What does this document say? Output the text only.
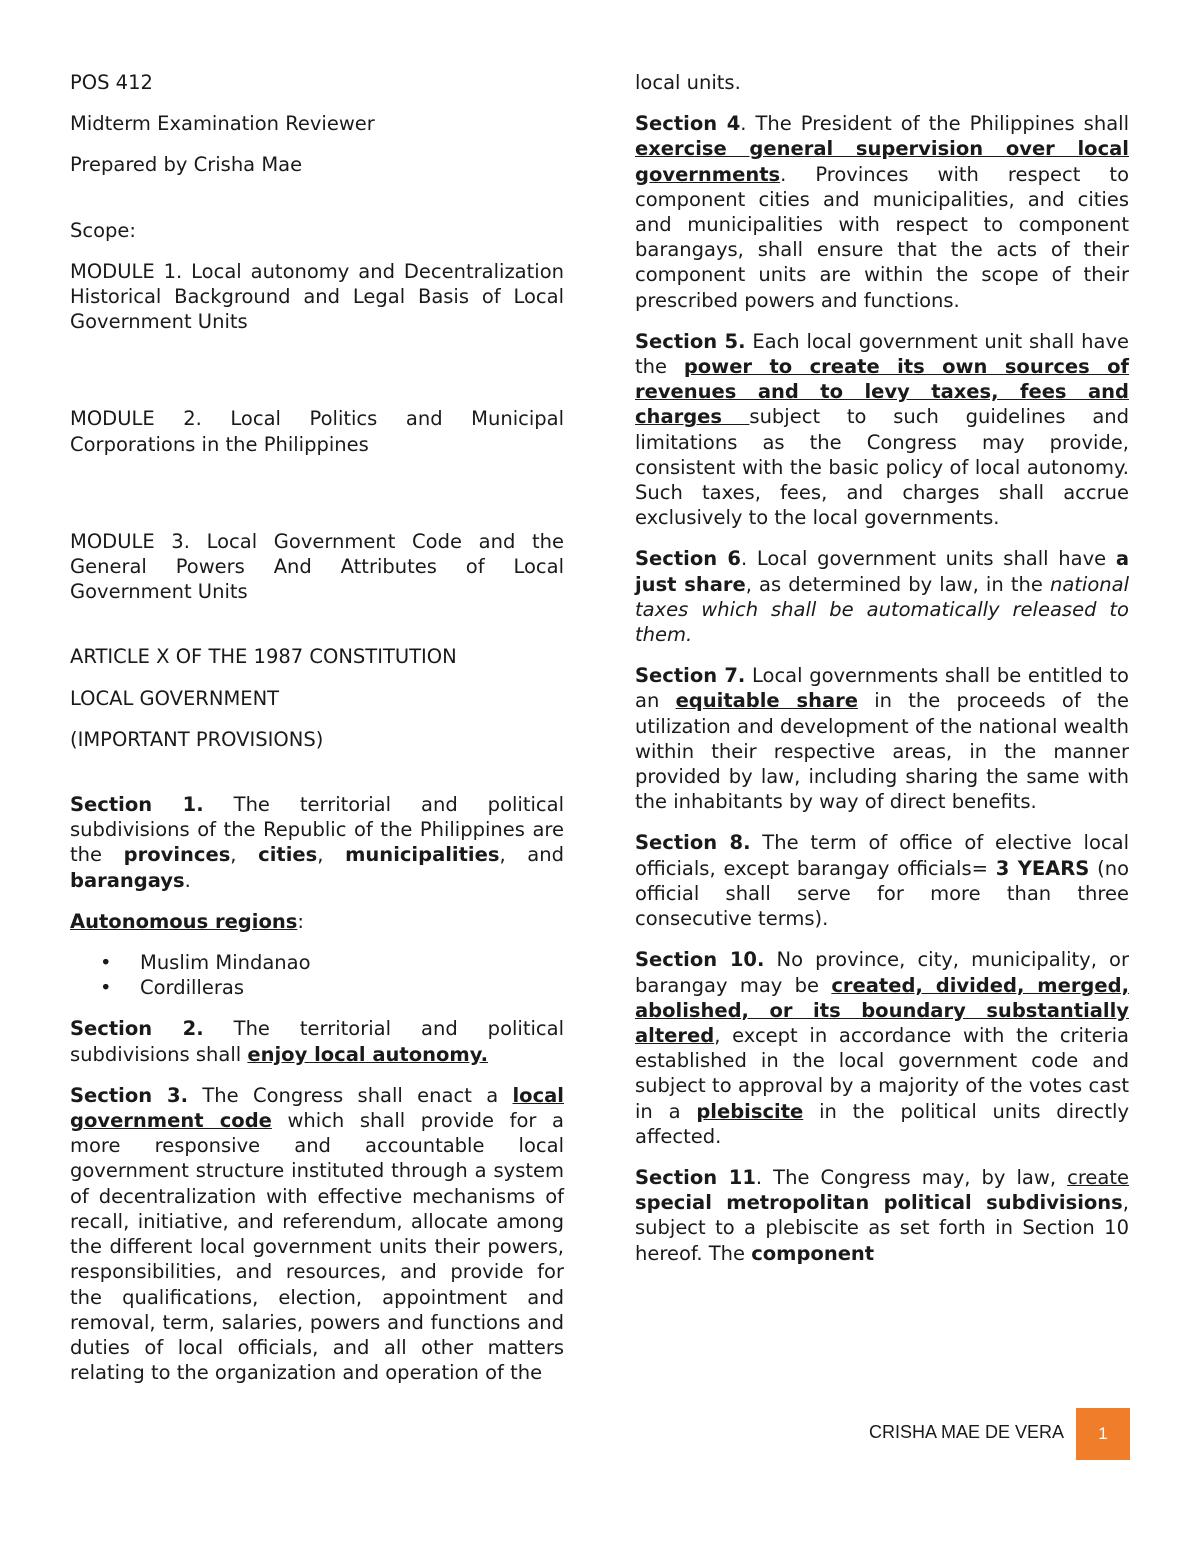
POS 412

Midterm Examination Reviewer

Prepared by Crisha Mae

Scope:

MODULE 1. Local autonomy and Decentralization Historical Background and Legal Basis of Local Government Units

MODULE 2. Local Politics and Municipal Corporations in the Philippines

MODULE 3. Local Government Code and the General Powers And Attributes of Local Government Units

ARTICLE X OF THE 1987 CONSTITUTION

LOCAL GOVERNMENT

(IMPORTANT PROVISIONS)

Section 1. The territorial and political subdivisions of the Republic of the Philippines are the provinces, cities, municipalities, and barangays.

Autonomous regions:

• Muslim Mindanao
• Cordilleras

Section 2. The territorial and political subdivisions shall enjoy local autonomy.

Section 3. The Congress shall enact a local government code which shall provide for a more responsive and accountable local government structure instituted through a system of decentralization with effective mechanisms of recall, initiative, and referendum, allocate among the different local government units their powers, responsibilities, and resources, and provide for the qualifications, election, appointment and removal, term, salaries, powers and functions and duties of local officials, and all other matters relating to the organization and operation of the

local units.

Section 4. The President of the Philippines shall exercise general supervision over local governments. Provinces with respect to component cities and municipalities, and cities and municipalities with respect to component barangays, shall ensure that the acts of their component units are within the scope of their prescribed powers and functions.

Section 5. Each local government unit shall have the power to create its own sources of revenues and to levy taxes, fees and charges subject to such guidelines and limitations as the Congress may provide, consistent with the basic policy of local autonomy. Such taxes, fees, and charges shall accrue exclusively to the local governments.

Section 6. Local government units shall have a just share, as determined by law, in the national taxes which shall be automatically released to them.

Section 7. Local governments shall be entitled to an equitable share in the proceeds of the utilization and development of the national wealth within their respective areas, in the manner provided by law, including sharing the same with the inhabitants by way of direct benefits.

Section 8. The term of office of elective local officials, except barangay officials= 3 YEARS (no official shall serve for more than three consecutive terms).

Section 10. No province, city, municipality, or barangay may be created, divided, merged, abolished, or its boundary substantially altered, except in accordance with the criteria established in the local government code and subject to approval by a majority of the votes cast in a plebiscite in the political units directly affected.

Section 11. The Congress may, by law, create special metropolitan political subdivisions, subject to a plebiscite as set forth in Section 10 hereof. The component

CRISHA MAE DE VERA 1
